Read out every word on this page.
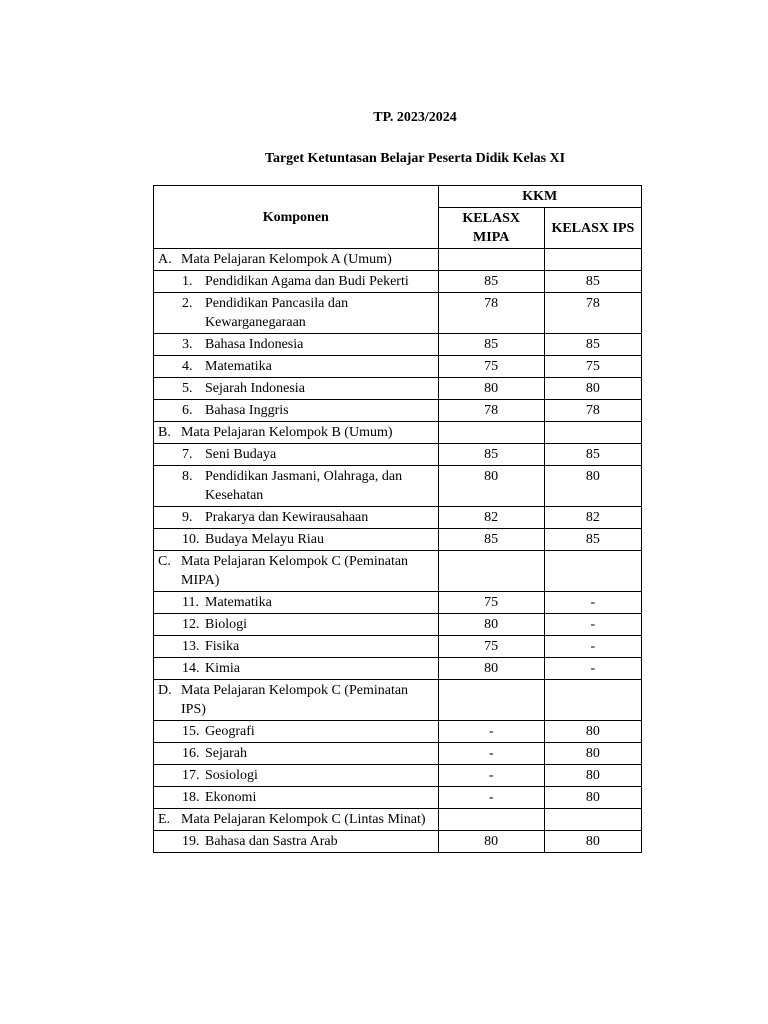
TP. 2023/2024
Target Ketuntasan Belajar Peserta Didik Kelas XI
Komponen	KKM	
	KELASX MIPA	KELASX IPS

A. Mata Pelajaran Kelompok A (Umum)		

1. Pendidikan Agama dan Budi Pekerti	85	85

2. Pendidikan Pancasila dan Kewarganegaraan	78	78

3. Bahasa Indonesia	85	85

4. Matematika	75	75

5. Sejarah Indonesia	80	80

6. Bahasa Inggris	78	78

B. Mata Pelajaran Kelompok B (Umum)		

7. Seni Budaya	85	85

8. Pendidikan Jasmani, Olahraga, dan Kesehatan	80	80

9. Prakarya dan Kewirausahaan	82	82

10. Budaya Melayu Riau	85	85

C. Mata Pelajaran Kelompok C (Peminatan MIPA)		

11. Matematika	75	-

12. Biologi	80	-

13. Fisika	75	-

14. Kimia	80	-

D. Mata Pelajaran Kelompok C (Peminatan IPS)		

15. Geografi	-	80

16. Sejarah	-	80

17. Sosiologi	-	80

18. Ekonomi	-	80

E. Mata Pelajaran Kelompok C (Lintas Minat)		

19. Bahasa dan Sastra Arab	80	80
